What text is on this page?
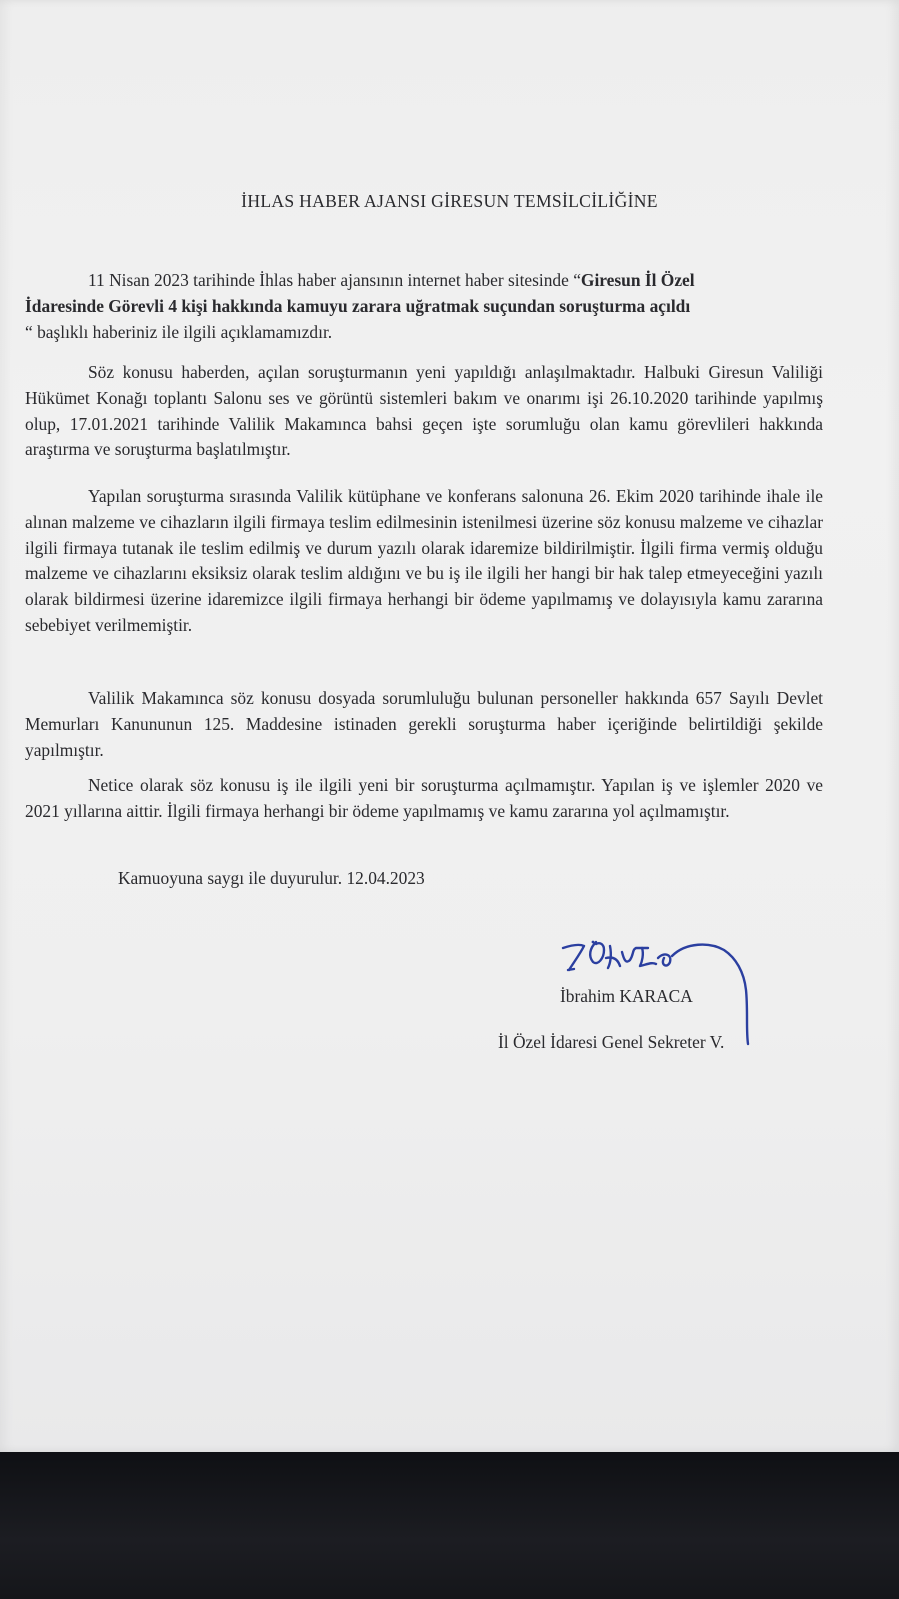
İHLAS HABER AJANSI GİRESUN TEMSİLCİLİĞİNE

11 Nisan 2023 tarihinde İhlas haber ajansının internet haber sitesinde “Giresun İl Özel

İdaresinde Görevli 4 kişi hakkında kamuyu zarara uğratmak suçundan soruşturma açıldı

“ başlıklı haberiniz ile ilgili açıklamamızdır.

Söz konusu haberden, açılan soruşturmanın yeni yapıldığı anlaşılmaktadır. Halbuki Giresun Valiliği Hükümet Konağı toplantı Salonu ses ve görüntü sistemleri bakım ve onarımı işi 26.10.2020 tarihinde yapılmış olup, 17.01.2021 tarihinde Valilik Makamınca bahsi geçen işte sorumluğu olan kamu görevlileri hakkında araştırma ve soruşturma başlatılmıştır.

Yapılan soruşturma sırasında Valilik kütüphane ve konferans salonuna 26. Ekim 2020 tarihinde ihale ile alınan malzeme ve cihazların ilgili firmaya teslim edilmesinin istenilmesi üzerine söz konusu malzeme ve cihazlar ilgili firmaya tutanak ile teslim edilmiş ve durum yazılı olarak idaremize bildirilmiştir. İlgili firma vermiş olduğu malzeme ve cihazlarını eksiksiz olarak teslim aldığını ve bu iş ile ilgili her hangi bir hak talep etmeyeceğini yazılı olarak bildirmesi üzerine idaremizce ilgili firmaya herhangi bir ödeme yapılmamış ve dolayısıyla kamu zararına sebebiyet verilmemiştir.

Valilik Makamınca söz konusu dosyada sorumluluğu bulunan personeller hakkında 657 Sayılı Devlet Memurları Kanununun 125. Maddesine istinaden gerekli soruşturma haber içeriğinde belirtildiği şekilde yapılmıştır.

Netice olarak söz konusu iş ile ilgili yeni bir soruşturma açılmamıştır. Yapılan iş ve işlemler 2020 ve 2021 yıllarına aittir. İlgili firmaya herhangi bir ödeme yapılmamış ve kamu zararına yol açılmamıştır.

Kamuoyuna saygı ile duyurulur. 12.04.2023
İbrahim KARACA
İl Özel İdaresi Genel Sekreter V.
